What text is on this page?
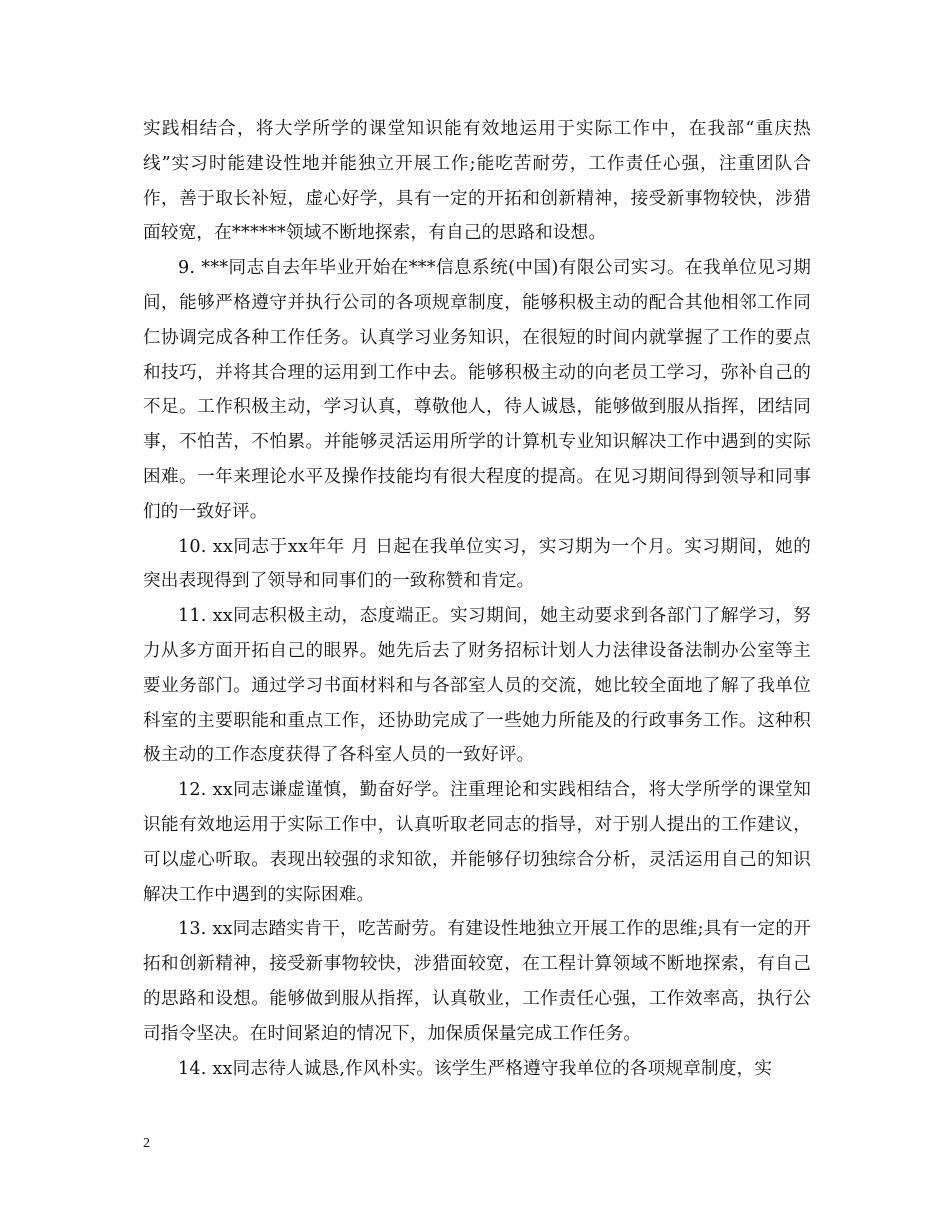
实践相结合，将大学所学的课堂知识能有效地运用于实际工作中，在我部“重庆热线”实习时能建设性地并能独立开展工作;能吃苦耐劳，工作责任心强，注重团队合作，善于取长补短，虚心好学，具有一定的开拓和创新精神，接受新事物较快，涉猎面较宽，在******领域不断地探索，有自己的思路和设想。

9. ***同志自去年毕业开始在***信息系统(中国)有限公司实习。在我单位见习期间，能够严格遵守并执行公司的各项规章制度，能够积极主动的配合其他相邻工作同仁协调完成各种工作任务。认真学习业务知识，在很短的时间内就掌握了工作的要点和技巧，并将其合理的运用到工作中去。能够积极主动的向老员工学习，弥补自己的不足。工作积极主动，学习认真，尊敬他人，待人诚恳，能够做到服从指挥，团结同事，不怕苦，不怕累。并能够灵活运用所学的计算机专业知识解决工作中遇到的实际困难。一年来理论水平及操作技能均有很大程度的提高。在见习期间得到领导和同事们的一致好评。

10. xx同志于xx年年 月 日起在我单位实习，实习期为一个月。实习期间，她的突出表现得到了领导和同事们的一致称赞和肯定。

11. xx同志积极主动，态度端正。实习期间，她主动要求到各部门了解学习，努力从多方面开拓自己的眼界。她先后去了财务招标计划人力法律设备法制办公室等主要业务部门。通过学习书面材料和与各部室人员的交流，她比较全面地了解了我单位科室的主要职能和重点工作，还协助完成了一些她力所能及的行政事务工作。这种积极主动的工作态度获得了各科室人员的一致好评。

12. xx同志谦虚谨慎，勤奋好学。注重理论和实践相结合，将大学所学的课堂知识能有效地运用于实际工作中，认真听取老同志的指导，对于别人提出的工作建议，可以虚心听取。表现出较强的求知欲，并能够仔切独综合分析，灵活运用自己的知识解决工作中遇到的实际困难。

13. xx同志踏实肯干，吃苦耐劳。有建设性地独立开展工作的思维;具有一定的开拓和创新精神，接受新事物较快，涉猎面较宽，在工程计算领域不断地探索，有自己的思路和设想。能够做到服从指挥，认真敬业，工作责任心强，工作效率高，执行公司指令坚决。在时间紧迫的情况下，加保质保量完成工作任务。

14. xx同志待人诚恳,作风朴实。该学生严格遵守我单位的各项规章制度，实

2
